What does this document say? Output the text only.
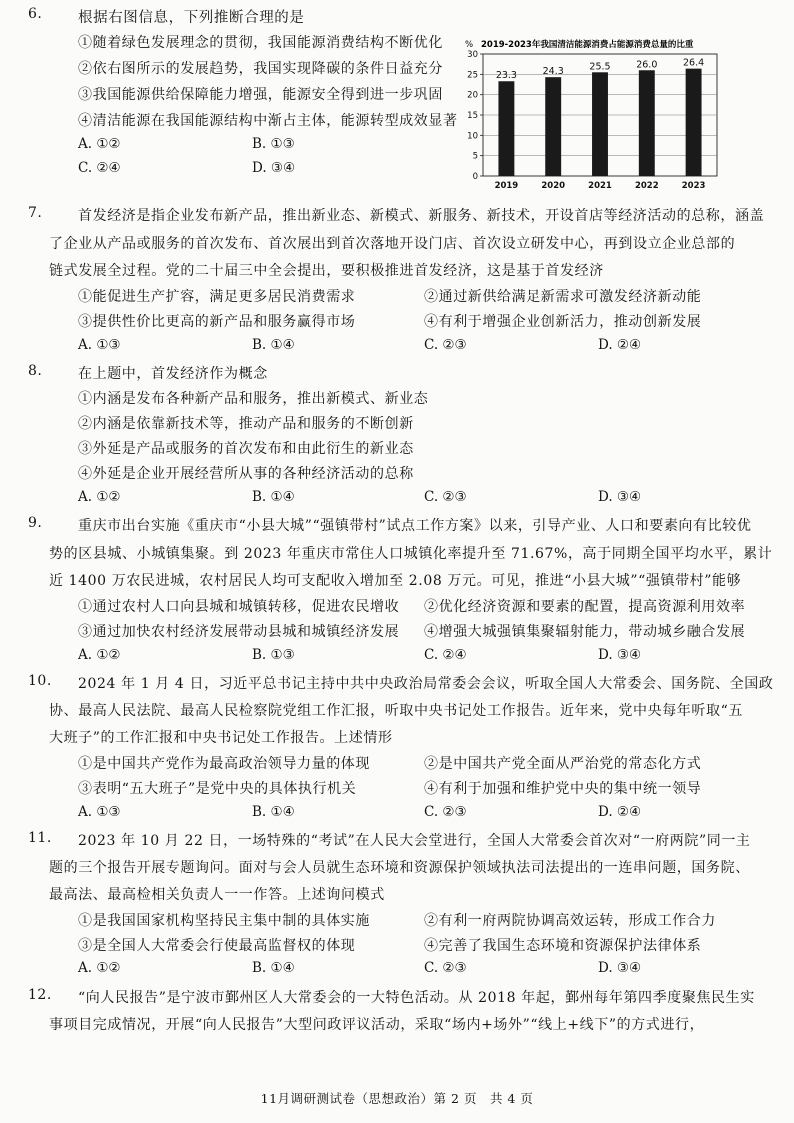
6. 根据右图信息，下列推断合理的是
①随着绿色发展理念的贯彻，我国能源消费结构不断优化
②依右图所示的发展趋势，我国实现降碳的条件日益充分
③我国能源供给保障能力增强，能源安全得到进一步巩固
④清洁能源在我国能源结构中渐占主体，能源转型成效显著
A. ①②	B. ①③
C. ②④	D. ③④
% 2019-2023年我国清洁能源消费占能源消费总量的比重
0
5
10
15
20
25
30
23.3
2019
24.3
2020
25.5
2021
26.0
2022
26.4
2023
7.	首发经济是指企业发布新产品，推出新业态、新模式、新服务、新技术，开设首店等经济活动的总称，涵盖
了企业从产品或服务的首次发布、首次展出到首次落地开设门店、首次设立研发中心，再到设立企业总部的
链式发展全过程。党的二十届三中全会提出，要积极推进首发经济，这是基于首发经济
①能促进生产扩容，满足更多居民消费需求	②通过新供给满足新需求可激发经济新动能
③提供性价比更高的新产品和服务赢得市场	④有利于增强企业创新活力，推动创新发展
A. ①③	B. ①④	C. ②③	D. ②④
8.	在上题中，首发经济作为概念
①内涵是发布各种新产品和服务，推出新模式、新业态
②内涵是依靠新技术等，推动产品和服务的不断创新
③外延是产品或服务的首次发布和由此衍生的新业态
④外延是企业开展经营所从事的各种经济活动的总称
A. ①②	B. ①④	C. ②③	D. ③④
9.	重庆市出台实施《重庆市“小县大城”“强镇带村”试点工作方案》以来，引导产业、人口和要素向有比较优
势的区县城、小城镇集聚。到 2023 年重庆市常住人口城镇化率提升至 71.67%，高于同期全国平均水平，累计
近 1400 万农民进城，农村居民人均可支配收入增加至 2.08 万元。可见，推进“小县大城”“强镇带村”能够
①通过农村人口向县城和城镇转移，促进农民增收 ②优化经济资源和要素的配置，提高资源利用效率
③通过加快农村经济发展带动县城和城镇经济发展 ④增强大城强镇集聚辐射能力，带动城乡融合发展
A. ①②	B. ①③	C. ②④	D. ③④
10. 2024 年 1 月 4 日，习近平总书记主持中共中央政治局常委会会议，听取全国人大常委会、国务院、全国政
协、最高人民法院、最高人民检察院党组工作汇报，听取中央书记处工作报告。近年来，党中央每年听取“五
大班子”的工作汇报和中央书记处工作报告。上述情形
①是中国共产党作为最高政治领导力量的体现	②是中国共产党全面从严治党的常态化方式
③表明“五大班子”是党中央的具体执行机关	④有利于加强和维护党中央的集中统一领导
A. ①③	B. ①④	C. ②③	D. ②④
11. 2023 年 10 月 22 日，一场特殊的“考试”在人民大会堂进行，全国人大常委会首次对“一府两院”同一主
题的三个报告开展专题询问。面对与会人员就生态环境和资源保护领域执法司法提出的一连串问题，国务院、
最高法、最高检相关负责人一一作答。上述询问模式
①是我国国家机构坚持民主集中制的具体实施	②有利一府两院协调高效运转，形成工作合力
③是全国人大常委会行使最高监督权的体现	④完善了我国生态环境和资源保护法律体系
A. ①②	B. ①④	C. ②③	D. ③④
12. “向人民报告”是宁波市鄞州区人大常委会的一大特色活动。从 2018 年起，鄞州每年第四季度聚焦民生实
事项目完成情况，开展“向人民报告”大型问政评议活动，采取“场内+场外”“线上+线下”的方式进行，
11月调研测试卷（思想政治）第 2 页　共 4 页
